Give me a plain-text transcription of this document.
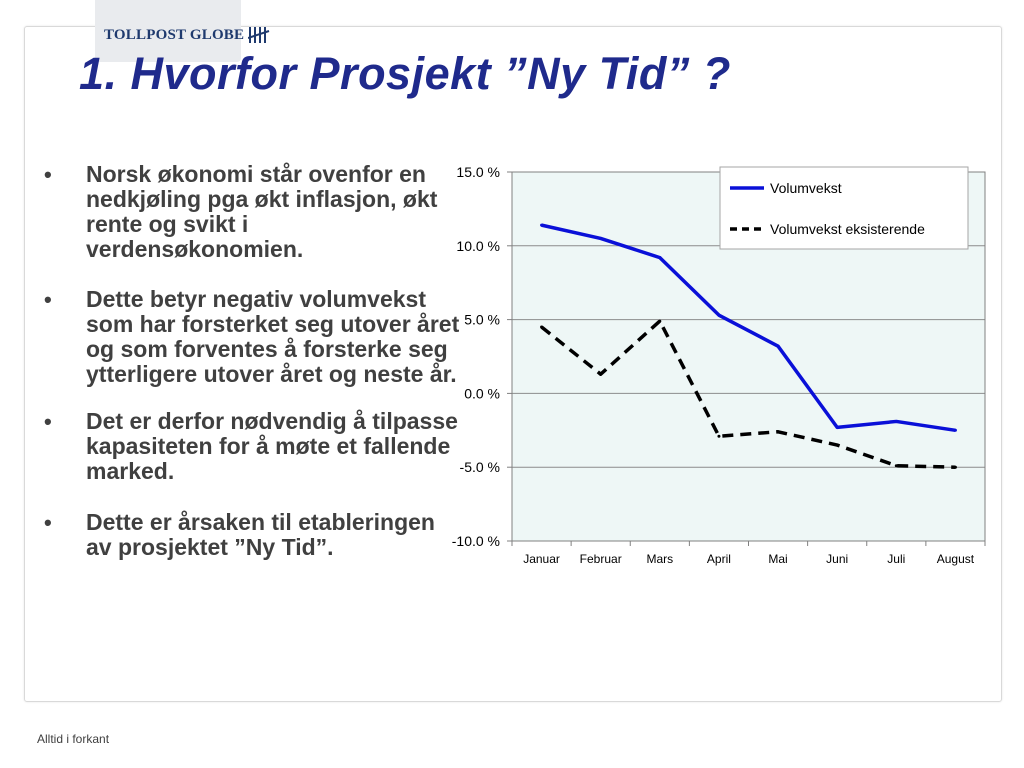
TOLLPOST GLOBE
1. Hvorfor Prosjekt ”Ny Tid” ?
• Norsk økonomi står ovenfor en nedkjøling pga økt inflasjon, økt rente og svikt i verdensøkonomien.
• Dette betyr negativ volumvekst som har forsterket seg utover året og som forventes å forsterke seg ytterligere utover året og neste år.
• Det er derfor nødvendig å tilpasse kapasiteten for å møte et fallende marked.
• Dette er årsaken til etableringen av prosjektet ”Ny Tid”.
15.0 %
10.0 %
5.0 %
0.0 %
-5.0 %
-10.0 %
Januar Februar Mars	April	Mai	Juni	Juli	August
Volumvekst
Volumvekst eksisterende
Alltid i forkant
